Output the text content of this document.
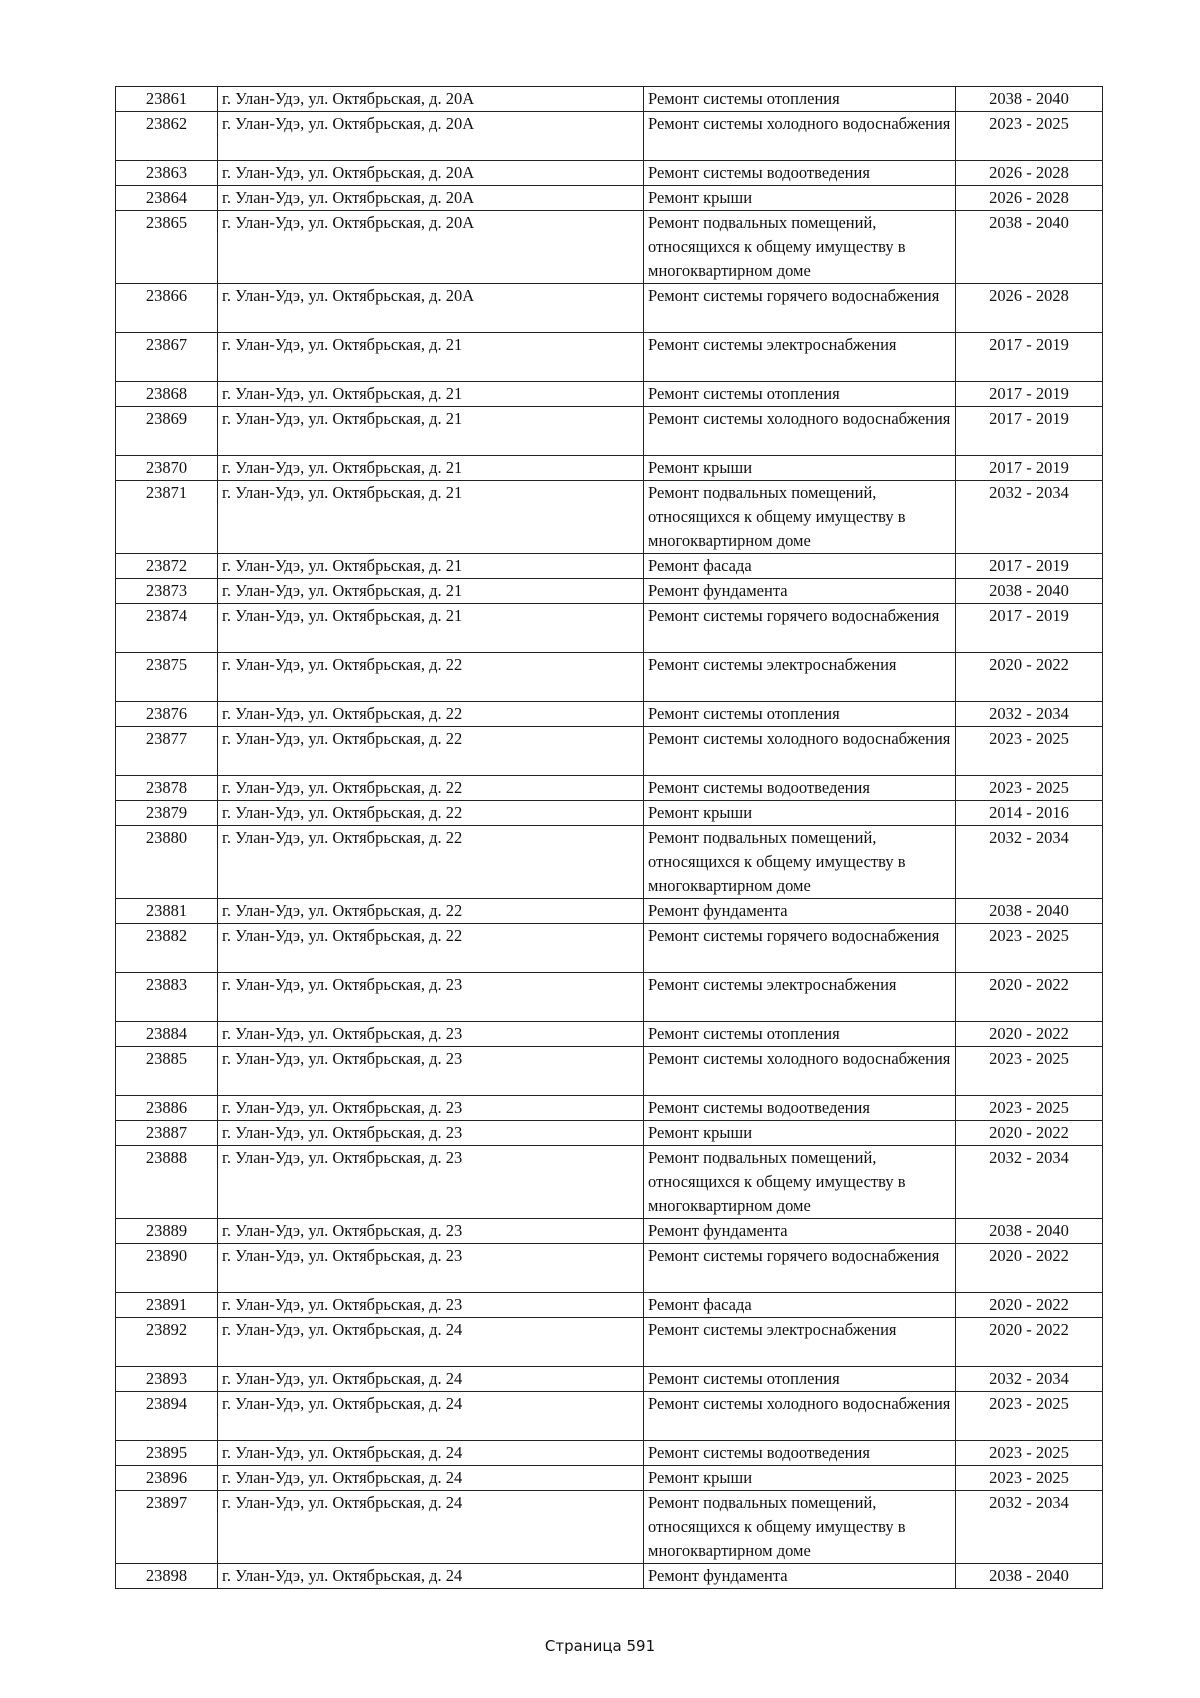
23861	г. Улан-Удэ, ул. Октябрьская, д. 20А	Ремонт системы отопления	2038 - 2040
23862	г. Улан-Удэ, ул. Октябрьская, д. 20А	Ремонт системы холодного водоснабжения	2023 - 2025
23863	г. Улан-Удэ, ул. Октябрьская, д. 20А	Ремонт системы водоотведения	2026 - 2028
23864	г. Улан-Удэ, ул. Октябрьская, д. 20А	Ремонт крыши	2026 - 2028
23865	г. Улан-Удэ, ул. Октябрьская, д. 20А	Ремонт подвальных помещений, относящихся к общему имуществу в многоквартирном доме	2038 - 2040
23866	г. Улан-Удэ, ул. Октябрьская, д. 20А	Ремонт системы горячего водоснабжения	2026 - 2028
23867	г. Улан-Удэ, ул. Октябрьская, д. 21	Ремонт системы электроснабжения	2017 - 2019
23868	г. Улан-Удэ, ул. Октябрьская, д. 21	Ремонт системы отопления	2017 - 2019
23869	г. Улан-Удэ, ул. Октябрьская, д. 21	Ремонт системы холодного водоснабжения	2017 - 2019
23870	г. Улан-Удэ, ул. Октябрьская, д. 21	Ремонт крыши	2017 - 2019
23871	г. Улан-Удэ, ул. Октябрьская, д. 21	Ремонт подвальных помещений, относящихся к общему имуществу в многоквартирном доме	2032 - 2034
23872	г. Улан-Удэ, ул. Октябрьская, д. 21	Ремонт фасада	2017 - 2019
23873	г. Улан-Удэ, ул. Октябрьская, д. 21	Ремонт фундамента	2038 - 2040
23874	г. Улан-Удэ, ул. Октябрьская, д. 21	Ремонт системы горячего водоснабжения	2017 - 2019
23875	г. Улан-Удэ, ул. Октябрьская, д. 22	Ремонт системы электроснабжения	2020 - 2022
23876	г. Улан-Удэ, ул. Октябрьская, д. 22	Ремонт системы отопления	2032 - 2034
23877	г. Улан-Удэ, ул. Октябрьская, д. 22	Ремонт системы холодного водоснабжения	2023 - 2025
23878	г. Улан-Удэ, ул. Октябрьская, д. 22	Ремонт системы водоотведения	2023 - 2025
23879	г. Улан-Удэ, ул. Октябрьская, д. 22	Ремонт крыши	2014 - 2016
23880	г. Улан-Удэ, ул. Октябрьская, д. 22	Ремонт подвальных помещений, относящихся к общему имуществу в многоквартирном доме	2032 - 2034
23881	г. Улан-Удэ, ул. Октябрьская, д. 22	Ремонт фундамента	2038 - 2040
23882	г. Улан-Удэ, ул. Октябрьская, д. 22	Ремонт системы горячего водоснабжения	2023 - 2025
23883	г. Улан-Удэ, ул. Октябрьская, д. 23	Ремонт системы электроснабжения	2020 - 2022
23884	г. Улан-Удэ, ул. Октябрьская, д. 23	Ремонт системы отопления	2020 - 2022
23885	г. Улан-Удэ, ул. Октябрьская, д. 23	Ремонт системы холодного водоснабжения	2023 - 2025
23886	г. Улан-Удэ, ул. Октябрьская, д. 23	Ремонт системы водоотведения	2023 - 2025
23887	г. Улан-Удэ, ул. Октябрьская, д. 23	Ремонт крыши	2020 - 2022
23888	г. Улан-Удэ, ул. Октябрьская, д. 23	Ремонт подвальных помещений, относящихся к общему имуществу в многоквартирном доме	2032 - 2034
23889	г. Улан-Удэ, ул. Октябрьская, д. 23	Ремонт фундамента	2038 - 2040
23890	г. Улан-Удэ, ул. Октябрьская, д. 23	Ремонт системы горячего водоснабжения	2020 - 2022
23891	г. Улан-Удэ, ул. Октябрьская, д. 23	Ремонт фасада	2020 - 2022
23892	г. Улан-Удэ, ул. Октябрьская, д. 24	Ремонт системы электроснабжения	2020 - 2022
23893	г. Улан-Удэ, ул. Октябрьская, д. 24	Ремонт системы отопления	2032 - 2034
23894	г. Улан-Удэ, ул. Октябрьская, д. 24	Ремонт системы холодного водоснабжения	2023 - 2025
23895	г. Улан-Удэ, ул. Октябрьская, д. 24	Ремонт системы водоотведения	2023 - 2025
23896	г. Улан-Удэ, ул. Октябрьская, д. 24	Ремонт крыши	2023 - 2025
23897	г. Улан-Удэ, ул. Октябрьская, д. 24	Ремонт подвальных помещений, относящихся к общему имуществу в многоквартирном доме	2032 - 2034
23898	г. Улан-Удэ, ул. Октябрьская, д. 24	Ремонт фундамента	2038 - 2040
Страница 591
